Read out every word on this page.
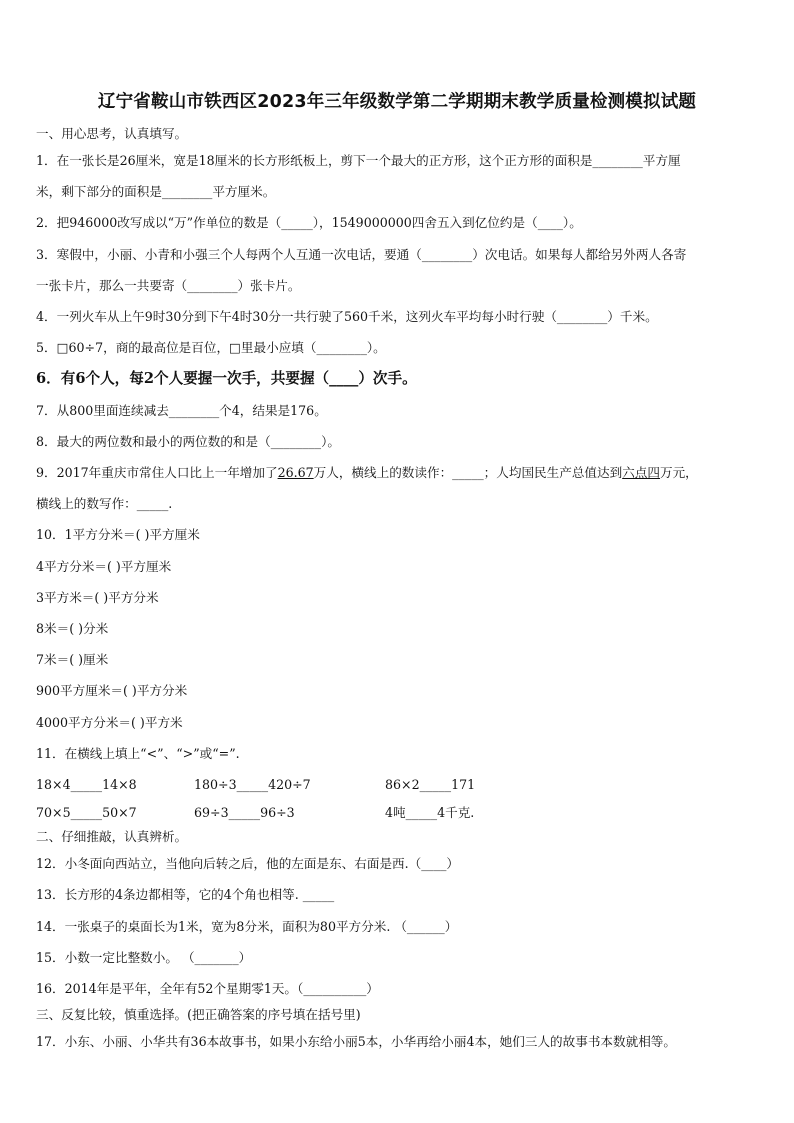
辽宁省鞍山市铁西区2023年三年级数学第二学期期末教学质量检测模拟试题
一、用心思考，认真填写。
1．在一张长是26厘米，宽是18厘米的长方形纸板上，剪下一个最大的正方形，这个正方形的面积是________平方厘
米，剩下部分的面积是________平方厘米。
2．把946000改写成以“万”作单位的数是（_____），1549000000四舍五入到亿位约是（____）。
3．寒假中，小丽、小青和小强三个人每两个人互通一次电话，要通（________）次电话。如果每人都给另外两人各寄
一张卡片，那么一共要寄（________）张卡片。
4．一列火车从上午9时30分到下午4时30分一共行驶了560千米，这列火车平均每小时行驶（________）千米。
5．□60÷7，商的最高位是百位，□里最小应填（________）。
6．有6个人，每2个人要握一次手，共要握（____）次手。
7．从800里面连续减去________个4，结果是176。
8．最大的两位数和最小的两位数的和是（________）。
9．2017年重庆市常住人口比上一年增加了26.67万人，横线上的数读作：_____；人均国民生产总值达到六点四万元，
横线上的数写作：_____.
10．1平方分米＝( )平方厘米
4平方分米＝( )平方厘米
3平方米＝( )平方分米
8米＝( )分米
7米＝( )厘米
900平方厘米＝( )平方分米
4000平方分米＝( )平方米
11．在横线上填上“<”、“>”或“=”.
18×4_____14×8	180÷3_____420÷7	86×2_____171
70×5_____50×7	69÷3_____96÷3	4吨_____4千克.
二、仔细推敲，认真辨析。
12．小冬面向西站立，当他向后转之后，他的左面是东、右面是西.（____）
13．长方形的4条边都相等，它的4个角也相等. _____
14．一张桌子的桌面长为1米，宽为8分米，面积为80平方分米. （______）
15．小数一定比整数小。 （_______）
16．2014年是平年，全年有52个星期零1天。（__________）
三、反复比较，慎重选择。(把正确答案的序号填在括号里)
17．小东、小丽、小华共有36本故事书，如果小东给小丽5本，小华再给小丽4本，她们三人的故事书本数就相等。
